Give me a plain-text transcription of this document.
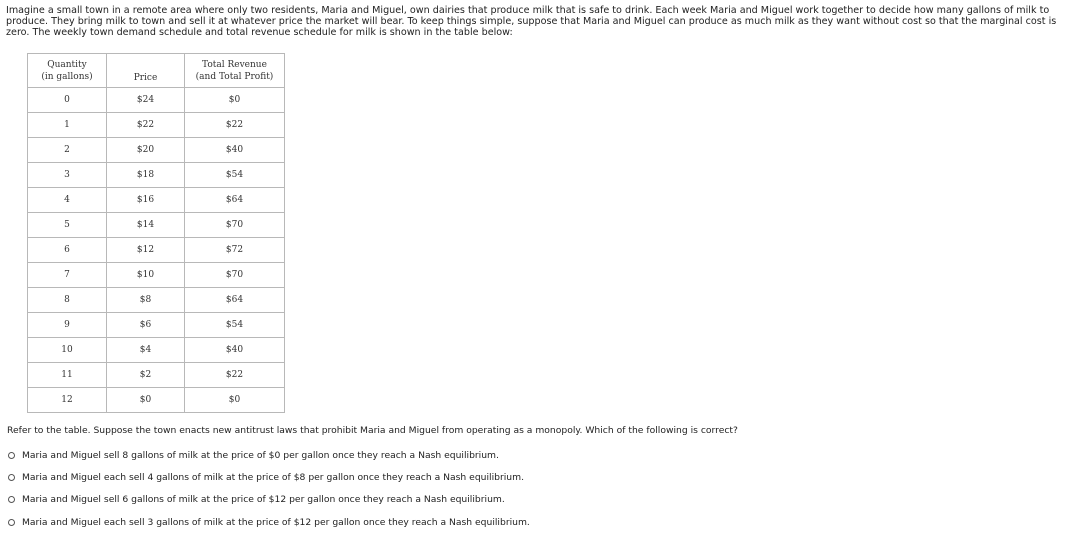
Imagine a small town in a remote area where only two residents, Maria and Miguel, own dairies that produce milk that is safe to drink. Each week Maria and Miguel work together to decide how many gallons of milk to produce. They bring milk to town and sell it at whatever price the market will bear. To keep things simple, suppose that Maria and Miguel can produce as much milk as they want without cost so that the marginal cost is zero. The weekly town demand schedule and total revenue schedule for milk is shown in the table below:
Quantity
(in gallons)	Price	Total Revenue
(and Total Profit)
0	$24	$0
1	$22	$22
2	$20	$40
3	$18	$54
4	$16	$64
5	$14	$70
6	$12	$72
7	$10	$70
8	$8	$64
9	$6	$54
10	$4	$40
11	$2	$22
12	$0	$0
Refer to the table. Suppose the town enacts new antitrust laws that prohibit Maria and Miguel from operating as a monopoly. Which of the following is correct?
Maria and Miguel sell 8 gallons of milk at the price of $0 per gallon once they reach a Nash equilibrium.
Maria and Miguel each sell 4 gallons of milk at the price of $8 per gallon once they reach a Nash equilibrium.
Maria and Miguel sell 6 gallons of milk at the price of $12 per gallon once they reach a Nash equilibrium.
Maria and Miguel each sell 3 gallons of milk at the price of $12 per gallon once they reach a Nash equilibrium.
